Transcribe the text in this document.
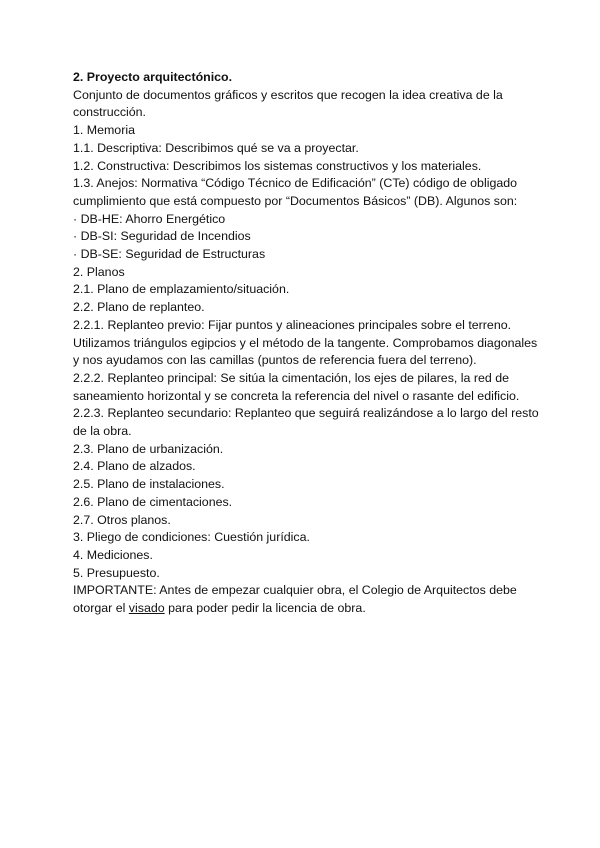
2. Proyecto arquitectónico.
Conjunto de documentos gráficos y escritos que recogen la idea creativa de la
construcción.
1. Memoria
1.1. Descriptiva: Describimos qué se va a proyectar.
1.2. Constructiva: Describimos los sistemas constructivos y los materiales.
1.3. Anejos: Normativa “Código Técnico de Edificación” (CTe) código de obligado
cumplimiento que está compuesto por “Documentos Básicos” (DB). Algunos son:
· DB-HE: Ahorro Energético
· DB-SI: Seguridad de Incendios
· DB-SE: Seguridad de Estructuras
2. Planos
2.1. Plano de emplazamiento/situación.
2.2. Plano de replanteo.
2.2.1. Replanteo previo: Fijar puntos y alineaciones principales sobre el terreno.
Utilizamos triángulos egipcios y el método de la tangente. Comprobamos diagonales
y nos ayudamos con las camillas (puntos de referencia fuera del terreno).
2.2.2. Replanteo principal: Se sitúa la cimentación, los ejes de pilares, la red de
saneamiento horizontal y se concreta la referencia del nivel o rasante del edificio.
2.2.3. Replanteo secundario: Replanteo que seguirá realizándose a lo largo del resto
de la obra.
2.3. Plano de urbanización.
2.4. Plano de alzados.
2.5. Plano de instalaciones.
2.6. Plano de cimentaciones.
2.7. Otros planos.
3. Pliego de condiciones: Cuestión jurídica.
4. Mediciones.
5. Presupuesto.
IMPORTANTE: Antes de empezar cualquier obra, el Colegio de Arquitectos debe
otorgar el visado para poder pedir la licencia de obra.
